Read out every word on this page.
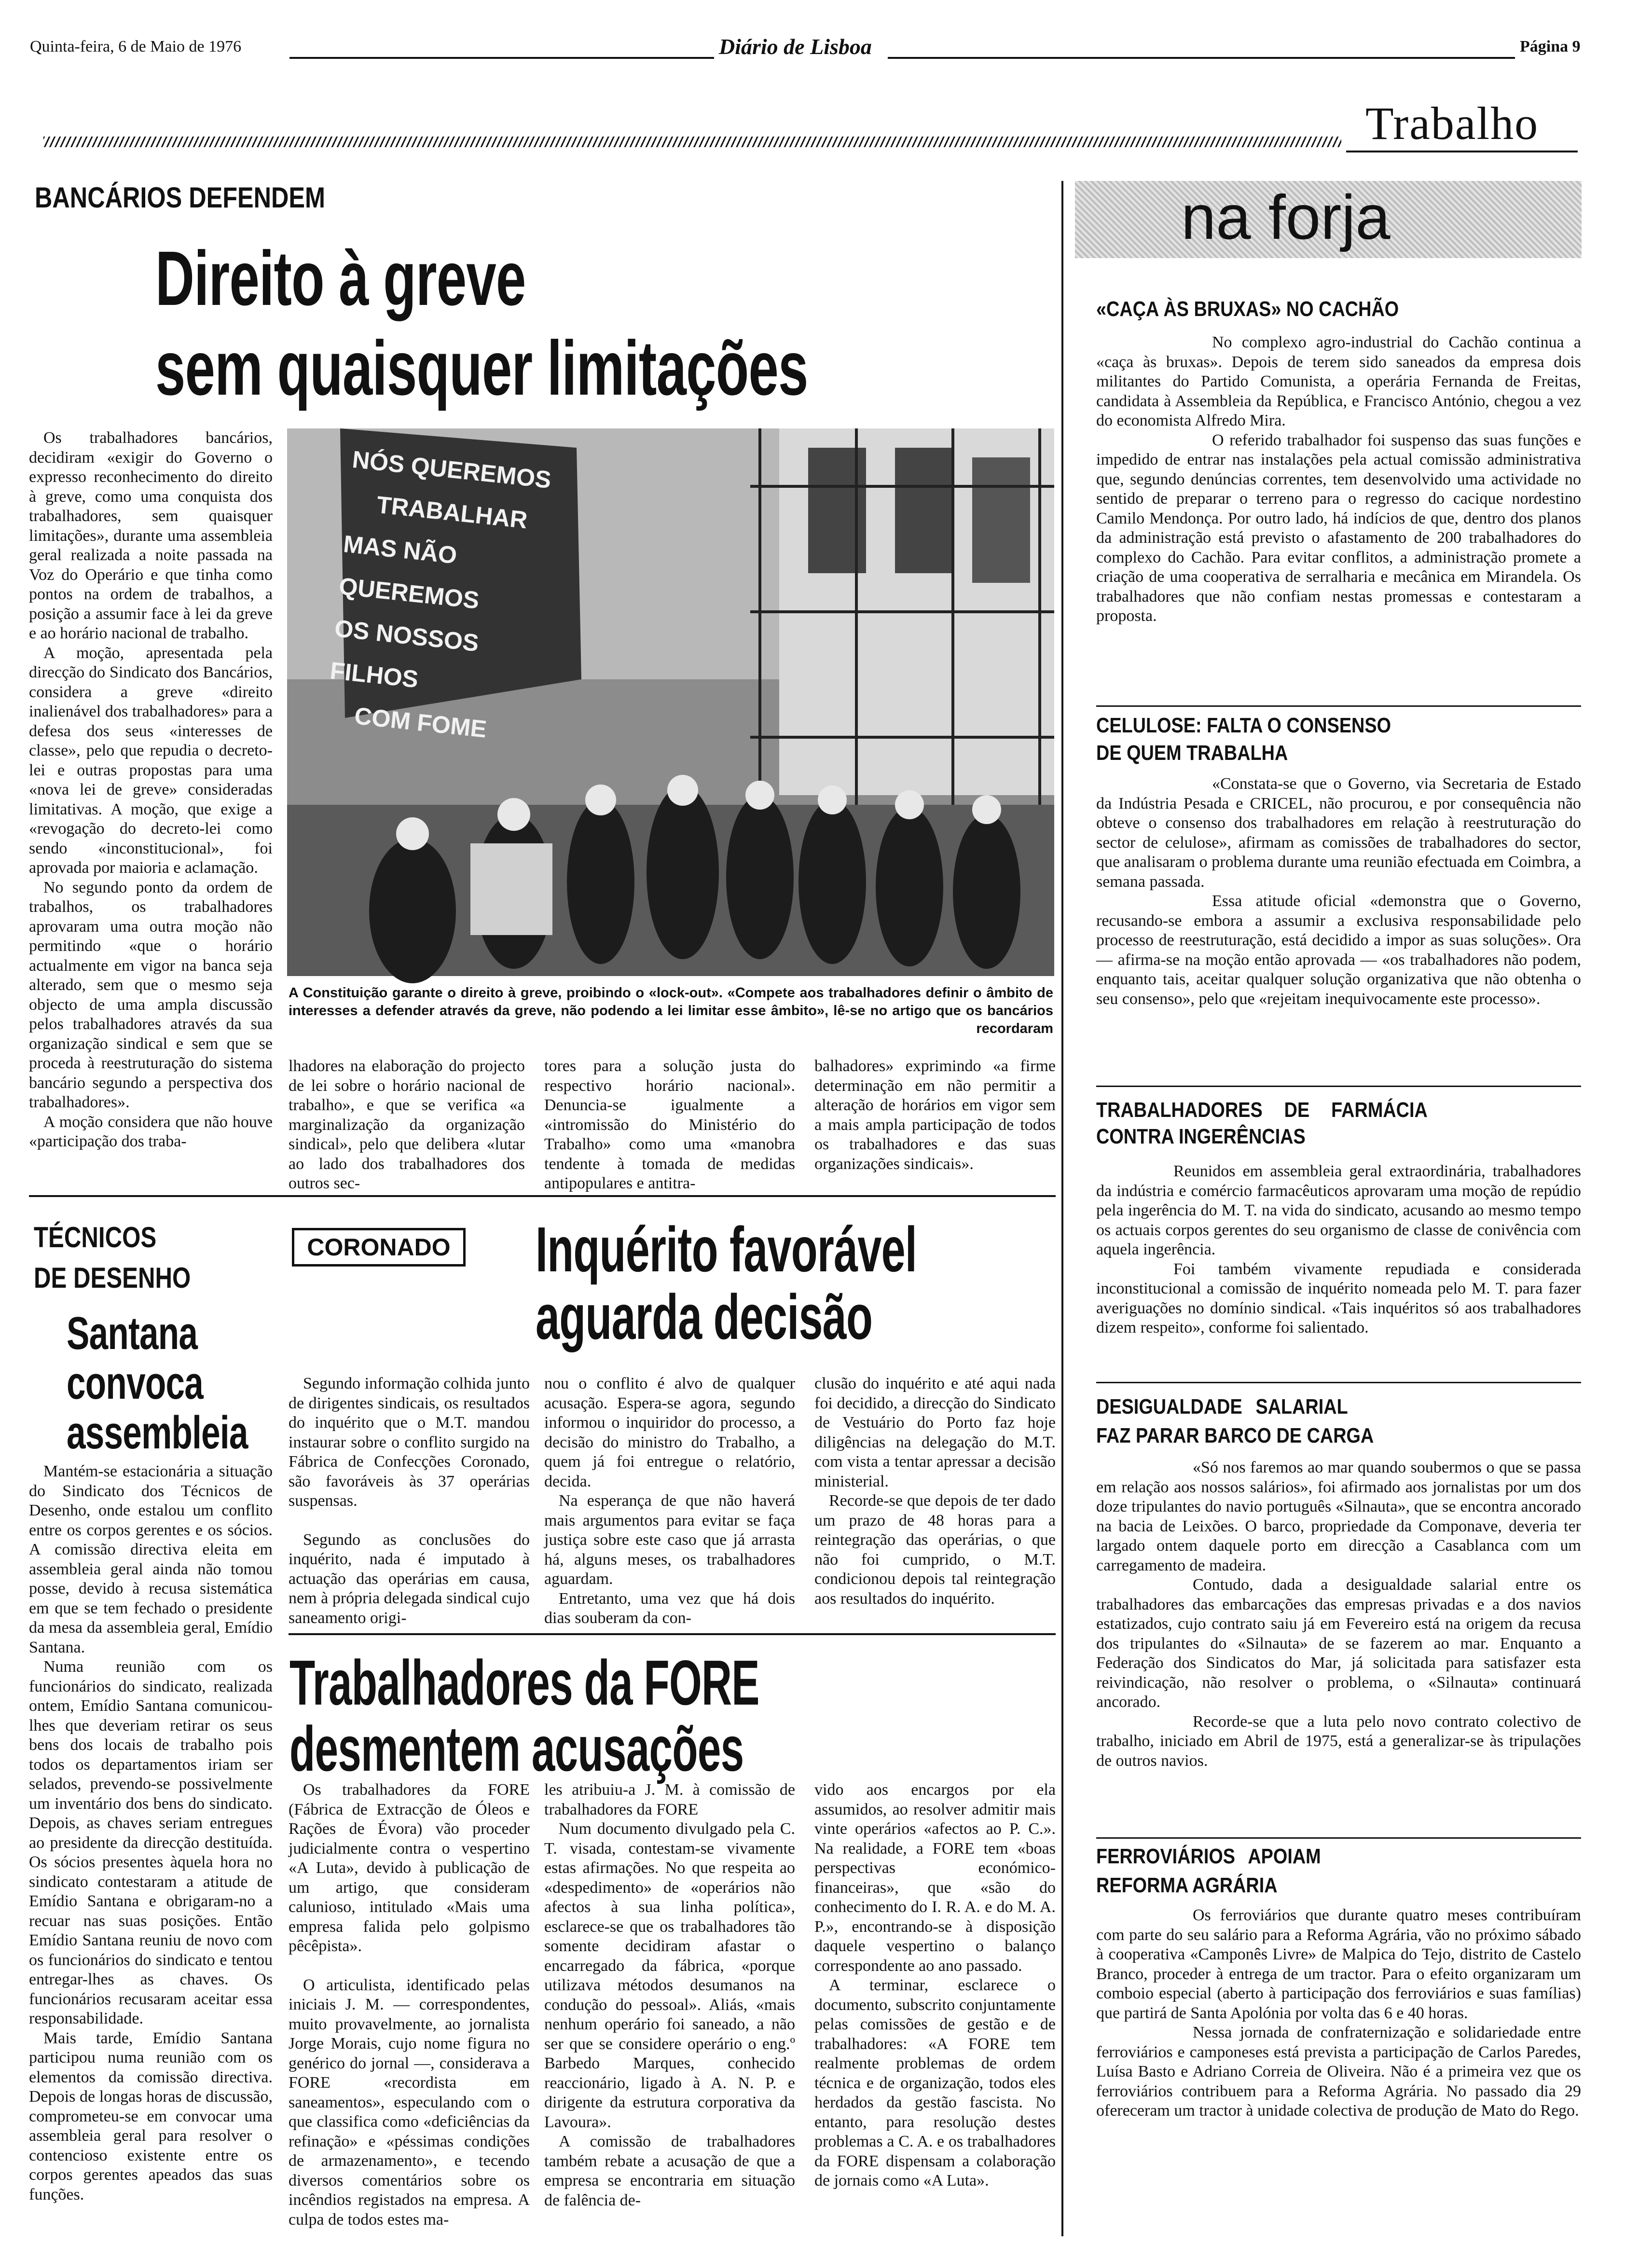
Quinta-feira, 6 de Maio de 1976	Diário de Lisboa	Página 9
Trabalho
BANCÁRIOS DEFENDEM
Direito à greve
sem quaisquer limitações

Os trabalhadores bancários, decidiram «exigir do Governo o expresso reconhecimento do direito à greve, como uma conquista dos trabalhadores, sem quaisquer limitações», durante uma assembleia geral realizada a noite passada na Voz do Operário e que tinha como pontos na ordem de trabalhos, a posição a assumir face à lei da greve e ao horário nacional de trabalho.

A moção, apresentada pela direcção do Sindicato dos Bancários, considera a greve «direito inalienável dos trabalhadores» para a defesa dos seus «interesses de classe», pelo que repudia o decreto-lei e outras propostas para uma «nova lei de greve» consideradas limitativas. A moção, que exige a «revogação do decreto-lei como sendo «inconstitucional», foi aprovada por maioria e aclamação.

No segundo ponto da ordem de trabalhos, os trabalhadores aprovaram uma outra moção não permitindo «que o horário actualmente em vigor na banca seja alterado, sem que o mesmo seja objecto de uma ampla discussão pelos trabalhadores através da sua organização sindical e sem que se proceda à reestruturação do sistema bancário segundo a perspectiva dos trabalhadores».

A moção considera que não houve «participação dos traba-

NÓS QUEREMOS
TRABALHAR
MAS NÃO QUEREMOS
OS NOSSOS FILHOS
COM FOME
A Constituição garante o direito à greve, proibindo o «lock-out». «Compete aos trabalhadores definir o âmbito de interesses a defender através da greve, não podendo a lei limitar esse âmbito», lê-se no artigo que os bancários recordaram

lhadores na elaboração do projecto de lei sobre o horário nacional de trabalho», e que se verifica «a marginalização da organização sindical», pelo que delibera «lutar ao lado dos trabalhadores dos outros sec-

tores para a solução justa do respectivo horário nacional». Denuncia-se igualmente a «intromissão do Ministério do Trabalho» como uma «manobra tendente à tomada de medidas antipopulares e antitra-

balhadores» exprimindo «a firme determinação em não permitir a alteração de horários em vigor sem a mais ampla participação de todos os trabalhadores e das suas organizações sindicais».

TÉCNICOS
DE DESENHO
Santana
convoca
assembleia

Mantém-se estacionária a situação do Sindicato dos Técnicos de Desenho, onde estalou um conflito entre os corpos gerentes e os sócios. A comissão directiva eleita em assembleia geral ainda não tomou posse, devido à recusa sistemática em que se tem fechado o presidente da mesa da assembleia geral, Emídio Santana.

Numa reunião com os funcionários do sindicato, realizada ontem, Emídio Santana comunicou-lhes que deveriam retirar os seus bens dos locais de trabalho pois todos os departamentos iriam ser selados, prevendo-se possivelmente um inventário dos bens do sindicato. Depois, as chaves seriam entregues ao presidente da direcção destituída. Os sócios presentes àquela hora no sindicato contestaram a atitude de Emídio Santana e obrigaram-no a recuar nas suas posições. Então Emídio Santana reuniu de novo com os funcionários do sindicato e tentou entregar-lhes as chaves. Os funcionários recusaram aceitar essa responsabilidade.

Mais tarde, Emídio Santana participou numa reunião com os elementos da comissão directiva. Depois de longas horas de discussão, comprometeu-se em convocar uma assembleia geral para resolver o contencioso existente entre os corpos gerentes apeados das suas funções.

CORONADO Inquérito favorável
aguarda decisão

Segundo informação colhida junto de dirigentes sindicais, os resultados do inquérito que o M.T. mandou instaurar sobre o conflito surgido na Fábrica de Confecções Coronado, são favoráveis às 37 operárias suspensas.

Segundo as conclusões do inquérito, nada é imputado à actuação das operárias em causa, nem à própria delegada sindical cujo saneamento origi-

nou o conflito é alvo de qualquer acusação. Espera-se agora, segundo informou o inquiridor do processo, a decisão do ministro do Trabalho, a quem já foi entregue o relatório, decida.

Na esperança de que não haverá mais argumentos para evitar se faça justiça sobre este caso que já arrasta há, alguns meses, os trabalhadores aguardam.

Entretanto, uma vez que há dois dias souberam da con-

clusão do inquérito e até aqui nada foi decidido, a direcção do Sindicato de Vestuário do Porto faz hoje diligências na delegação do M.T. com vista a tentar apressar a decisão ministerial.

Recorde-se que depois de ter dado um prazo de 48 horas para a reintegração das operárias, o que não foi cumprido, o M.T. condicionou depois tal reintegração aos resultados do inquérito.

Trabalhadores da FORE
desmentem acusações

Os trabalhadores da FORE (Fábrica de Extracção de Óleos e Rações de Évora) vão proceder judicialmente contra o vespertino «A Luta», devido à publicação de um artigo, que consideram calunioso, intitulado «Mais uma empresa falida pelo golpismo pêcêpista».

O articulista, identificado pelas iniciais J. M. — correspondentes, muito provavelmente, ao jornalista Jorge Morais, cujo nome figura no genérico do jornal —, considerava a FORE «recordista em saneamentos», especulando com o que classifica como «deficiências da refinação» e «péssimas condições de armazenamento», e tecendo diversos comentários sobre os incêndios registados na empresa. A culpa de todos estes ma-

les atribuiu-a J. M. à comissão de trabalhadores da FORE

Num documento divulgado pela C. T. visada, contestam-se vivamente estas afirmações. No que respeita ao «despedimento» de «operários não afectos à sua linha política», esclarece-se que os trabalhadores tão somente decidiram afastar o encarregado da fábrica, «porque utilizava métodos desumanos na condução do pessoal». Aliás, «mais nenhum operário foi saneado, a não ser que se considere operário o eng.º Barbedo Marques, conhecido reaccionário, ligado à A. N. P. e dirigente da estrutura corporativa da Lavoura».

A comissão de trabalhadores também rebate a acusação de que a empresa se encontraria em situação de falência de-

vido aos encargos por ela assumidos, ao resolver admitir mais vinte operários «afectos ao P. C.». Na realidade, a FORE tem «boas perspectivas económico-financeiras», que «são do conhecimento do I. R. A. e do M. A. P.», encontrando-se à disposição daquele vespertino o balanço correspondente ao ano passado.

A terminar, esclarece o documento, subscrito conjuntamente pelas comissões de gestão e de trabalhadores: «A FORE tem realmente problemas de ordem técnica e de organização, todos eles herdados da gestão fascista. No entanto, para resolução destes problemas a C. A. e os trabalhadores da FORE dispensam a colaboração de jornais como «A Luta».

na forja
«CAÇA ÀS BRUXAS» NO CACHÃO

No complexo agro-industrial do Cachão continua a «caça às bruxas». Depois de terem sido saneados da empresa dois militantes do Partido Comunista, a operária Fernanda de Freitas, candidata à Assembleia da República, e Francisco António, chegou a vez do economista Alfredo Mira.

O referido trabalhador foi suspenso das suas funções e impedido de entrar nas instalações pela actual comissão administrativa que, segundo denúncias correntes, tem desenvolvido uma actividade no sentido de preparar o terreno para o regresso do cacique nordestino Camilo Mendonça. Por outro lado, há indícios de que, dentro dos planos da administração está previsto o afastamento de 200 trabalhadores do complexo do Cachão. Para evitar conflitos, a administração promete a criação de uma cooperativa de serralharia e mecânica em Mirandela. Os trabalhadores que não confiam nestas promessas e contestaram a proposta.

CELULOSE: FALTA O CONSENSO
DE QUEM TRABALHA

«Constata-se que o Governo, via Secretaria de Estado da Indústria Pesada e CRICEL, não procurou, e por consequência não obteve o consenso dos trabalhadores em relação à reestruturação do sector de celulose», afirmam as comissões de trabalhadores do sector, que analisaram o problema durante uma reunião efectuada em Coimbra, a semana passada.

Essa atitude oficial «demonstra que o Governo, recusando-se embora a assumir a exclusiva responsabilidade pelo processo de reestruturação, está decidido a impor as suas soluções». Ora — afirma-se na moção então aprovada — «os trabalhadores não podem, enquanto tais, aceitar qualquer solução organizativa que não obtenha o seu consenso», pelo que «rejeitam inequivocamente este processo».

TRABALHADORES DE FARMÁCIA
CONTRA INGERÊNCIAS

Reunidos em assembleia geral extraordinária, trabalhadores da indústria e comércio farmacêuticos aprovaram uma moção de repúdio pela ingerência do M. T. na vida do sindicato, acusando ao mesmo tempo os actuais corpos gerentes do seu organismo de classe de conivência com aquela ingerência.

Foi também vivamente repudiada e considerada inconstitucional a comissão de inquérito nomeada pelo M. T. para fazer averiguações no domínio sindical. «Tais inquéritos só aos trabalhadores dizem respeito», conforme foi salientado.

DESIGUALDADE SALARIAL
FAZ PARAR BARCO DE CARGA

«Só nos faremos ao mar quando soubermos o que se passa em relação aos nossos salários», foi afirmado aos jornalistas por um dos doze tripulantes do navio português «Silnauta», que se encontra ancorado na bacia de Leixões. O barco, propriedade da Componave, deveria ter largado ontem daquele porto em direcção a Casablanca com um carregamento de madeira.

Contudo, dada a desigualdade salarial entre os trabalhadores das embarcações das empresas privadas e a dos navios estatizados, cujo contrato saiu já em Fevereiro está na origem da recusa dos tripulantes do «Silnauta» de se fazerem ao mar. Enquanto a Federação dos Sindicatos do Mar, já solicitada para satisfazer esta reivindicação, não resolver o problema, o «Silnauta» continuará ancorado.

Recorde-se que a luta pelo novo contrato colectivo de trabalho, iniciado em Abril de 1975, está a generalizar-se às tripulações de outros navios.

FERROVIÁRIOS APOIAM
REFORMA AGRÁRIA

Os ferroviários que durante quatro meses contribuíram com parte do seu salário para a Reforma Agrária, vão no próximo sábado à cooperativa «Camponês Livre» de Malpica do Tejo, distrito de Castelo Branco, proceder à entrega de um tractor. Para o efeito organizaram um comboio especial (aberto à participação dos ferroviários e suas famílias) que partirá de Santa Apolónia por volta das 6 e 40 horas.

Nessa jornada de confraternização e solidariedade entre ferroviários e camponeses está prevista a participação de Carlos Paredes, Luísa Basto e Adriano Correia de Oliveira. Não é a primeira vez que os ferroviários contribuem para a Reforma Agrária. No passado dia 29 ofereceram um tractor à unidade colectiva de produção de Mato do Rego.
